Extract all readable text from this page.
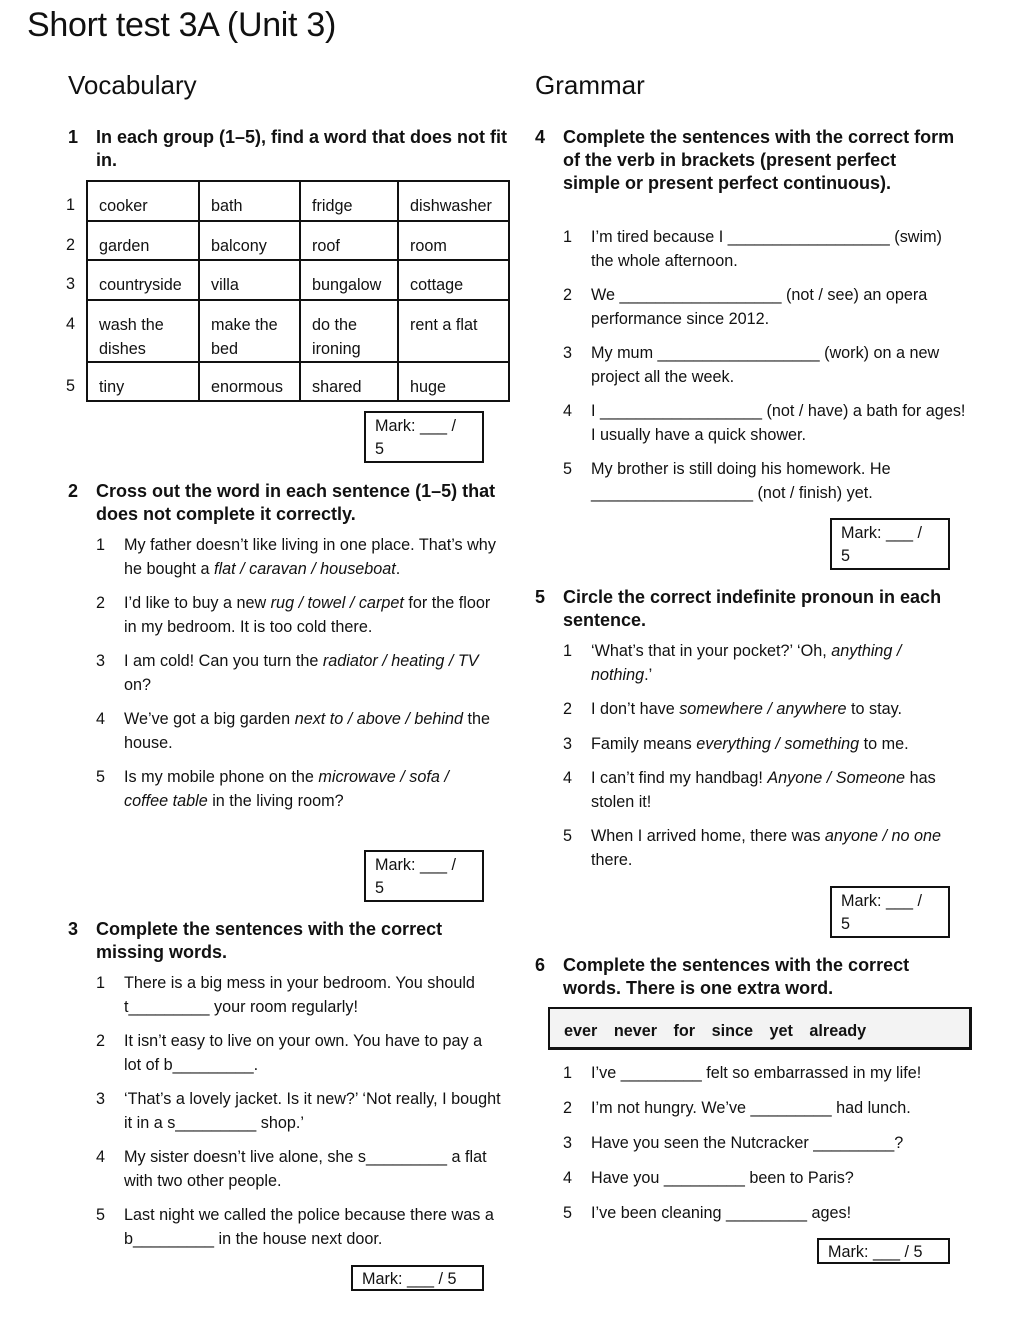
Short test 3A (Unit 3)
Vocabulary
1 In each group (1–5), find a word that does not fit in.
1	cooker	bath	fridge	dishwasher
2	garden	balcony	roof	room
3	countryside	villa	bungalow	cottage
4	wash the dishes	make the bed	do the ironing	rent a flat
5	tiny	enormous	shared	huge
Mark: ___ /
5
2 Cross out the word in each sentence (1–5) that does not complete it correctly.
1	My father doesn’t like living in one place. That’s why he bought a flat / caravan / houseboat.
2	I’d like to buy a new rug / towel / carpet for the floor in my bedroom. It is too cold there.
3	I am cold! Can you turn the radiator / heating / TV on?
4	We’ve got a big garden next to / above / behind the house.
5	Is my mobile phone on the microwave / sofa / coffee table in the living room?
Mark: ___ /
5
3 Complete the sentences with the correct missing words.
1	There is a big mess in your bedroom. You should t_________ your room regularly!
2	It isn’t easy to live on your own. You have to pay a lot of b_________.
3	‘That’s a lovely jacket. Is it new?’ ‘Not really, I bought it in a s_________ shop.’
4	My sister doesn’t live alone, she s_________ a flat with two other people.
5	Last night we called the police because there was a b_________ in the house next door.
Mark: ___ / 5
Grammar
4 Complete the sentences with the correct form of the verb in brackets (present perfect simple or present perfect continuous).
1	I’m tired because I __________________ (swim) the whole afternoon.
2	We __________________ (not / see) an opera performance since 2012.
3	My mum __________________ (work) on a new project all the week.
4	I __________________ (not / have) a bath for ages! I usually have a quick shower.
5	My brother is still doing his homework. He __________________ (not / finish) yet.
Mark: ___ /
5
5 Circle the correct indefinite pronoun in each sentence.
1	‘What’s that in your pocket?’ ‘Oh, anything / nothing.’
2	I don’t have somewhere / anywhere to stay.
3	Family means everything / something to me.
4	I can’t find my handbag! Anyone / Someone has stolen it!
5	When I arrived home, there was anyone / no one there.
Mark: ___ /
5
6 Complete the sentences with the correct words. There is one extra word.
ever never for since yet already
1	I’ve _________ felt so embarrassed in my life!
2	I’m not hungry. We’ve _________ had lunch.
3	Have you seen the Nutcracker _________?
4	Have you _________ been to Paris?
5	I’ve been cleaning _________ ages!
Mark: ___ / 5
